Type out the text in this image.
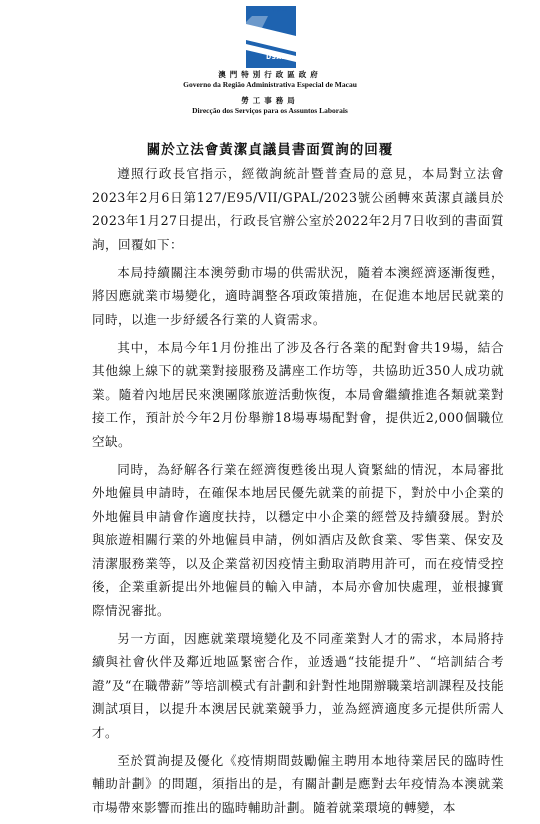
勞工事務局
DSAL
澳門特別行政區政府
Governo da Região Administrativa Especial de Macau
勞工事務局
Direcção dos Serviços para os Assuntos Laborais
關於立法會黃潔貞議員書面質詢的回覆

遵照行政長官指示，經徵詢統計暨普查局的意見，本局對立法會2023年2月6日第127/E95/VII/GPAL/2023號公函轉來黃潔貞議員於2023年1月27日提出，行政長官辦公室於2022年2月7日收到的書面質詢，回覆如下：

本局持續關注本澳勞動市場的供需狀況，隨着本澳經濟逐漸復甦，將因應就業市場變化，適時調整各項政策措施，在促進本地居民就業的同時，以進一步紓緩各行業的人資需求。

其中，本局今年1月份推出了涉及各行各業的配對會共19場，結合其他線上線下的就業對接服務及講座工作坊等，共協助近350人成功就業。隨着內地居民來澳團隊旅遊活動恢復，本局會繼續推進各類就業對接工作，預計於今年2月份舉辦18場專場配對會，提供近2,000個職位空缺。

同時，為紓解各行業在經濟復甦後出現人資緊絀的情況，本局審批外地僱員申請時，在確保本地居民優先就業的前提下，對於中小企業的外地僱員申請會作適度扶持，以穩定中小企業的經營及持續發展。對於與旅遊相關行業的外地僱員申請，例如酒店及飲食業、零售業、保安及清潔服務業等，以及企業當初因疫情主動取消聘用許可，而在疫情受控後，企業重新提出外地僱員的輸入申請，本局亦會加快處理，並根據實際情況審批。

另一方面，因應就業環境變化及不同產業對人才的需求，本局將持續與社會伙伴及鄰近地區緊密合作，並透過“技能提升”、“培訓結合考證”及“在職帶薪”等培訓模式有計劃和針對性地開辦職業培訓課程及技能測試項目，以提升本澳居民就業競爭力，並為經濟適度多元提供所需人才。

至於質詢提及優化《疫情期間鼓勵僱主聘用本地待業居民的臨時性輔助計劃》的問題，須指出的是，有關計劃是應對去年疫情為本澳就業市場帶來影響而推出的臨時輔助計劃。隨着就業環境的轉變，本
